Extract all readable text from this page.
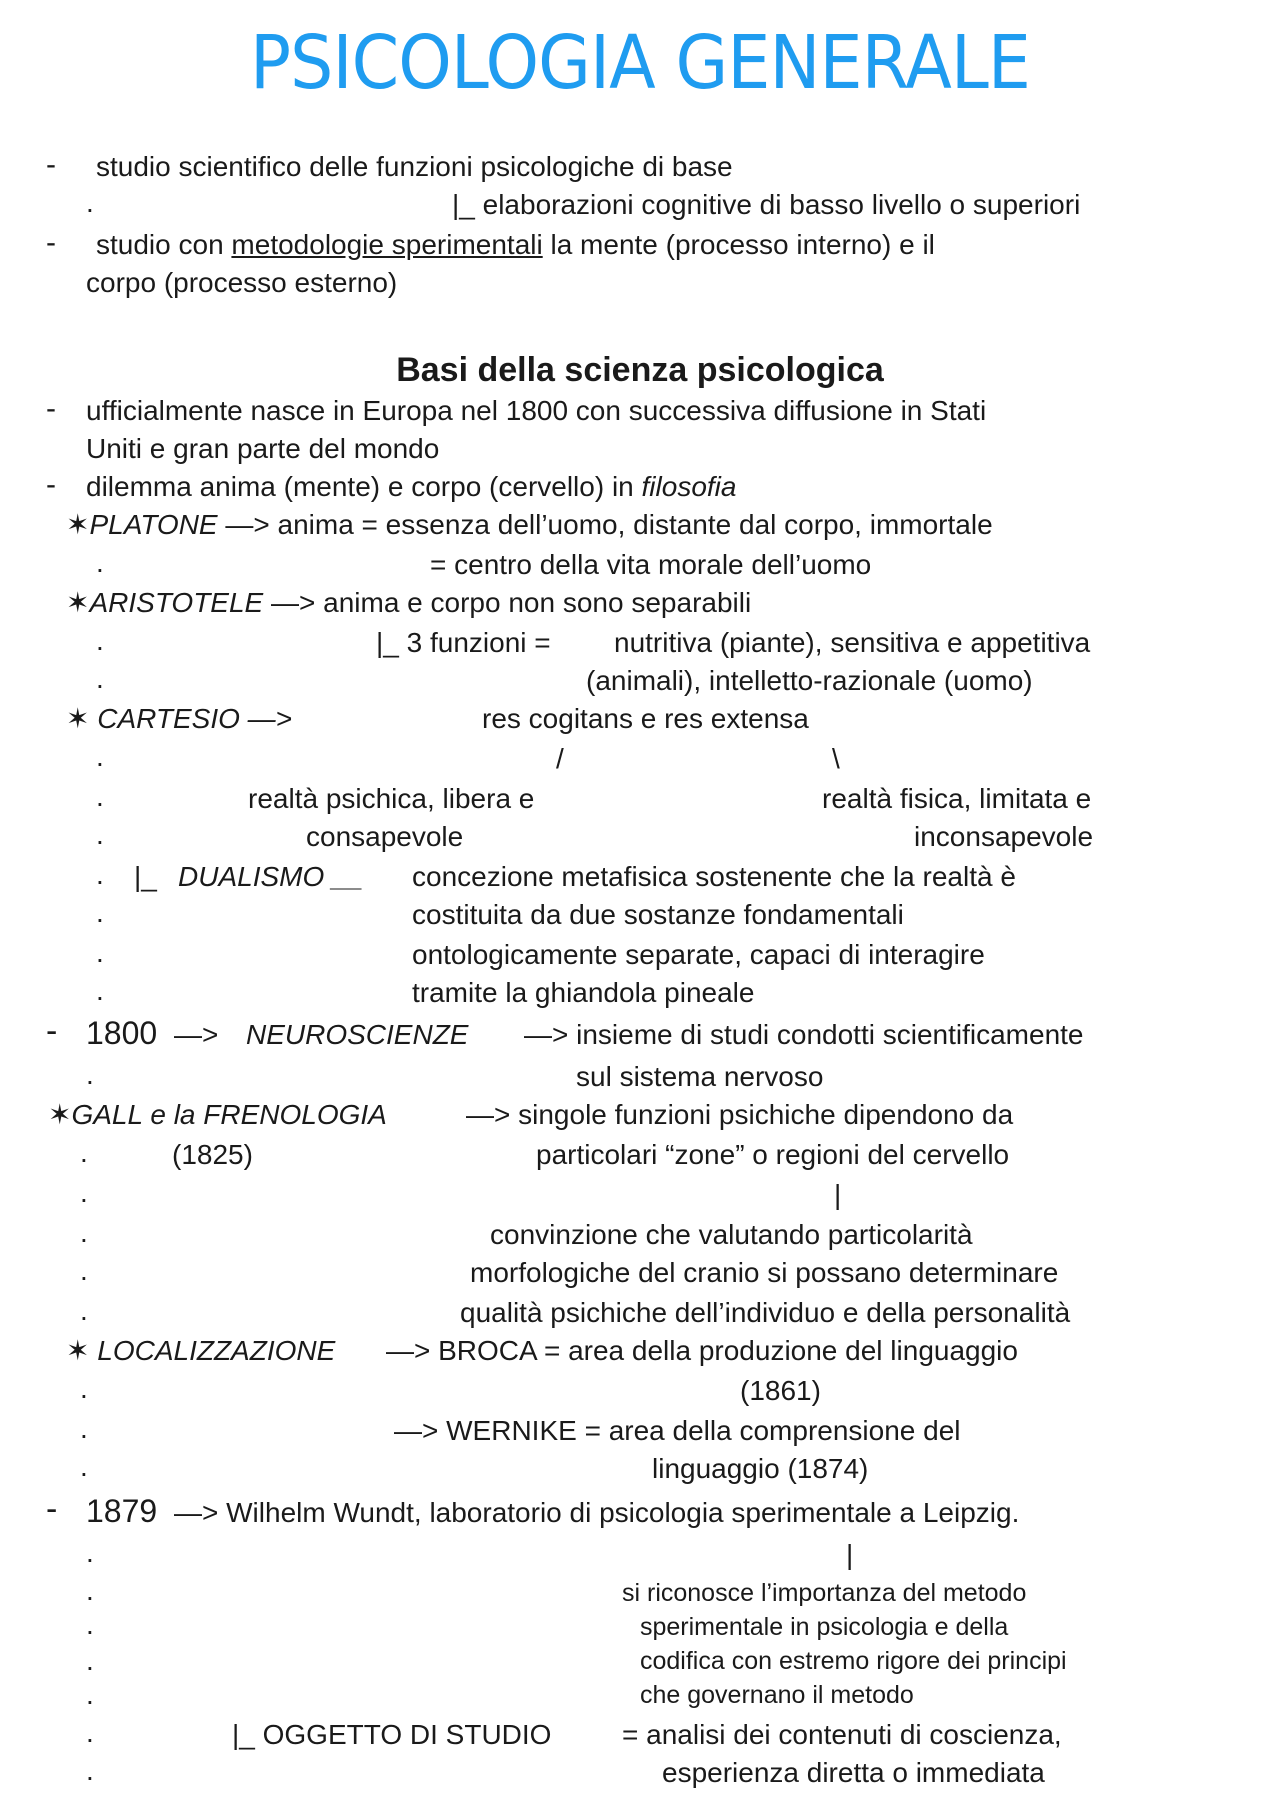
PSICOLOGIA GENERALE
- studio scientifico delle funzioni psicologiche di base
.	|_ elaborazioni cognitive di basso livello o superiori
- studio con metodologie sperimentali la mente (processo interno) e il
corpo (processo esterno)
Basi della scienza psicologica
- ufficialmente nasce in Europa nel 1800 con successiva diffusione in Stati
Uniti e gran parte del mondo
- dilemma anima (mente) e corpo (cervello) in filosofia
✶PLATONE —> anima = essenza dell’uomo, distante dal corpo, immortale
.	= centro della vita morale dell’uomo
✶ARISTOTELE —> anima e corpo non sono separabili
.	|_ 3 funzioni = nutritiva (piante), sensitiva e appetitiva
.	(animali), intelletto-razionale (uomo)
✶ CARTESIO —>	res cogitans e res extensa
.	/	\
.	realtà psichica, libera e	realtà fisica, limitata e
.	consapevole	inconsapevole
. |_ DUALISMO __ concezione metafisica sostenente che la realtà è
.	costituita da due sostanze fondamentali
.	ontologicamente separate, capaci di interagire
.	tramite la ghiandola pineale
- 1800 —> NEUROSCIENZE —> insieme di studi condotti scientificamente
.	sul sistema nervoso
✶GALL e la FRENOLOGIA	—> singole funzioni psichiche dipendono da
.	(1825)	particolari “zone” o regioni del cervello
.	|
.	convinzione che valutando particolarità
.	morfologiche del cranio si possano determinare
.	qualità psichiche dell’individuo e della personalità
✶ LOCALIZZAZIONE —> BROCA = area della produzione del linguaggio
.	(1861)
.	—> WERNIKE = area della comprensione del
.	linguaggio (1874)
- 1879 —> Wilhelm Wundt, laboratorio di psicologia sperimentale a Leipzig.
.	|
.	si riconosce l’importanza del metodo
.	sperimentale in psicologia e della
.	codifica con estremo rigore dei principi
.	che governano il metodo
.	|_ OGGETTO DI STUDIO	= analisi dei contenuti di coscienza,
.	esperienza diretta o immediata
